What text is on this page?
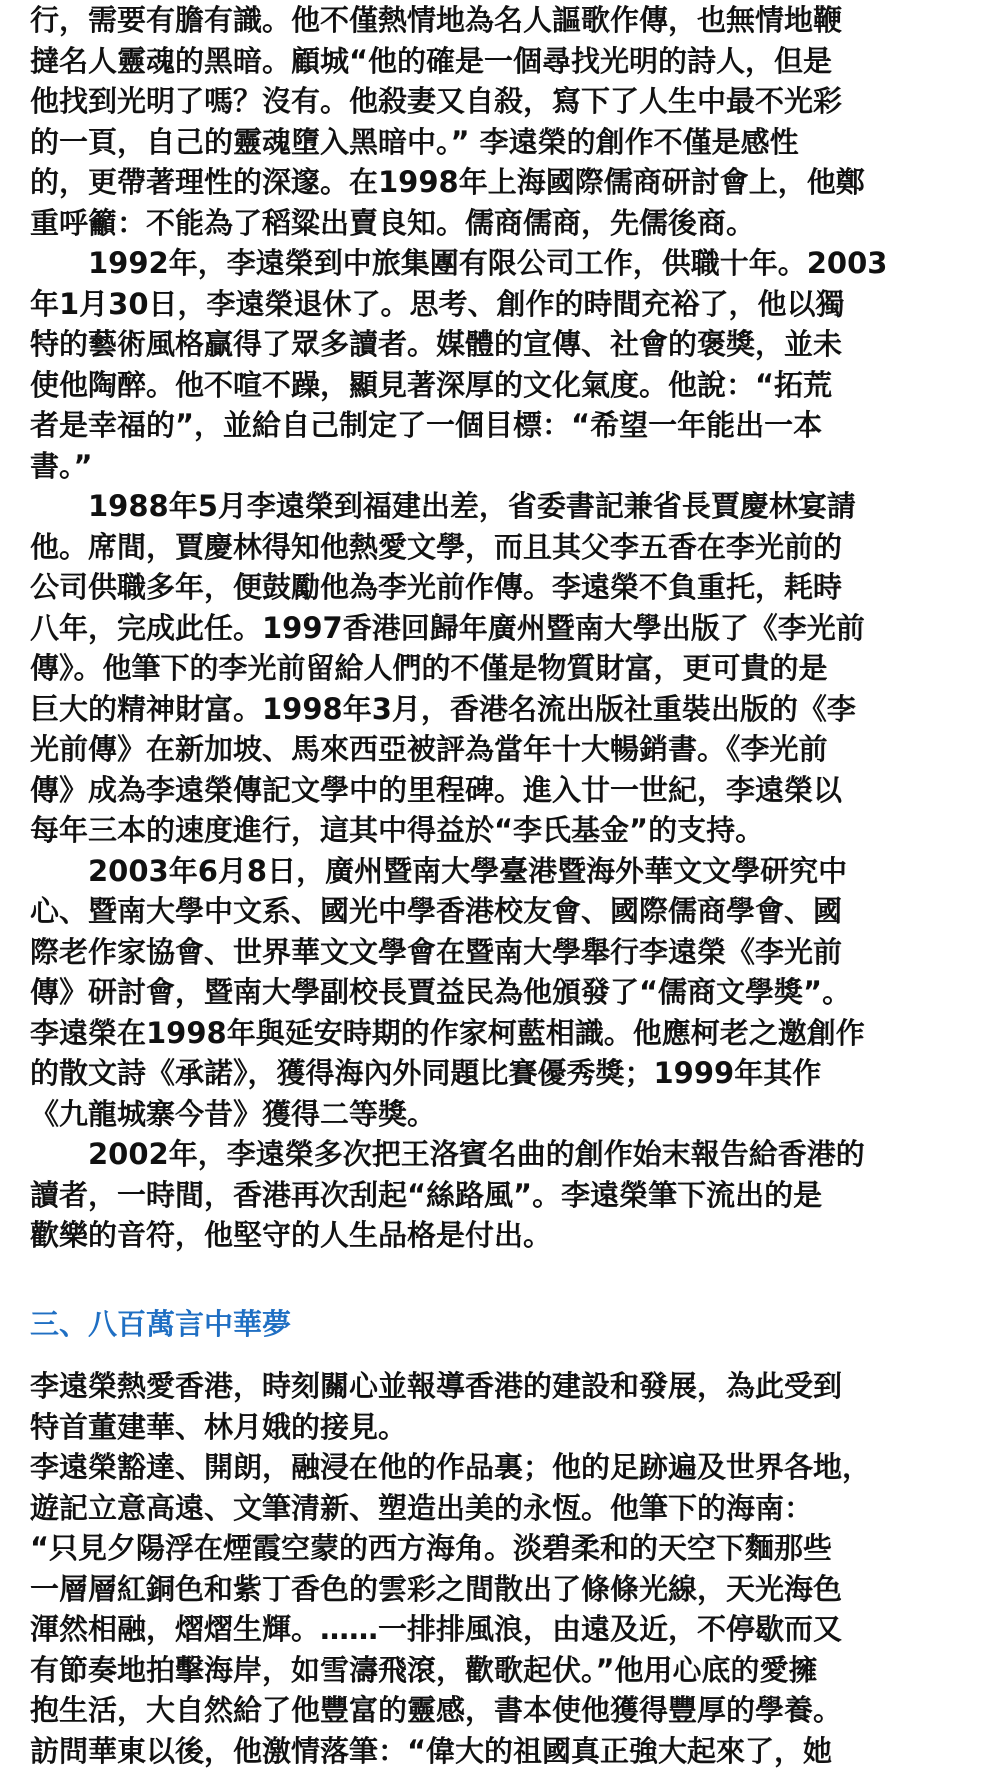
行，需要有膽有識。他不僅熱情地為名人謳歌作傳，也無情地鞭
撻名人靈魂的黑暗。顧城“他的確是一個尋找光明的詩人，但是
他找到光明了嗎？沒有。他殺妻又自殺，寫下了人生中最不光彩
的一頁，自己的靈魂墮入黑暗中。” 李遠榮的創作不僅是感性
的，更帶著理性的深邃。在1998年上海國際儒商研討會上，他鄭
重呼籲：不能為了稻粱出賣良知。儒商儒商，先儒後商。
1992年，李遠榮到中旅集團有限公司工作，供職十年。2003
年1月30日，李遠榮退休了。思考、創作的時間充裕了，他以獨
特的藝術風格贏得了眾多讀者。媒體的宣傳、社會的褒獎，並未
使他陶醉。他不喧不躁，顯見著深厚的文化氣度。他說：“拓荒
者是幸福的”，並給自己制定了一個目標：“希望一年能出一本
書。”
1988年5月李遠榮到福建出差，省委書記兼省長賈慶林宴請
他。席間，賈慶林得知他熱愛文學，而且其父李五香在李光前的
公司供職多年，便鼓勵他為李光前作傳。李遠榮不負重托，耗時
八年，完成此任。1997香港回歸年廣州暨南大學出版了《李光前
傳》。他筆下的李光前留給人們的不僅是物質財富，更可貴的是
巨大的精神財富。1998年3月，香港名流出版社重裝出版的《李
光前傳》在新加坡、馬來西亞被評為當年十大暢銷書。《李光前
傳》成為李遠榮傳記文學中的里程碑。進入廿一世紀，李遠榮以
每年三本的速度進行，這其中得益於“李氏基金”的支持。
2003年6月8日，廣州暨南大學臺港暨海外華文文學研究中
心、暨南大學中文系、國光中學香港校友會、國際儒商學會、國
際老作家協會、世界華文文學會在暨南大學舉行李遠榮《李光前
傳》研討會，暨南大學副校長賈益民為他頒發了“儒商文學獎”。
李遠榮在1998年與延安時期的作家柯藍相識。他應柯老之邀創作
的散文詩《承諾》，獲得海內外同題比賽優秀獎；1999年其作
《九龍城寨今昔》獲得二等獎。
2002年，李遠榮多次把王洛賓名曲的創作始末報告給香港的
讀者，一時間，香港再次刮起“絲路風”。李遠榮筆下流出的是
歡樂的音符，他堅守的人生品格是付出。
三、八百萬言中華夢
李遠榮熱愛香港，時刻關心並報導香港的建設和發展，為此受到
特首董建華、林月娥的接見。
李遠榮豁達、開朗，融浸在他的作品裏；他的足跡遍及世界各地，
遊記立意高遠、文筆清新、塑造出美的永恆。他筆下的海南：
“只見夕陽浮在煙霞空蒙的西方海角。淡碧柔和的天空下麵那些
一層層紅銅色和紫丁香色的雲彩之間散出了條條光線，天光海色
渾然相融，熠熠生輝。……一排排風浪，由遠及近，不停歇而又
有節奏地拍擊海岸，如雪濤飛滾，歡歌起伏。”他用心底的愛擁
抱生活，大自然給了他豐富的靈感，書本使他獲得豐厚的學養。
訪問華東以後，他激情落筆：“偉大的祖國真正強大起來了，她
